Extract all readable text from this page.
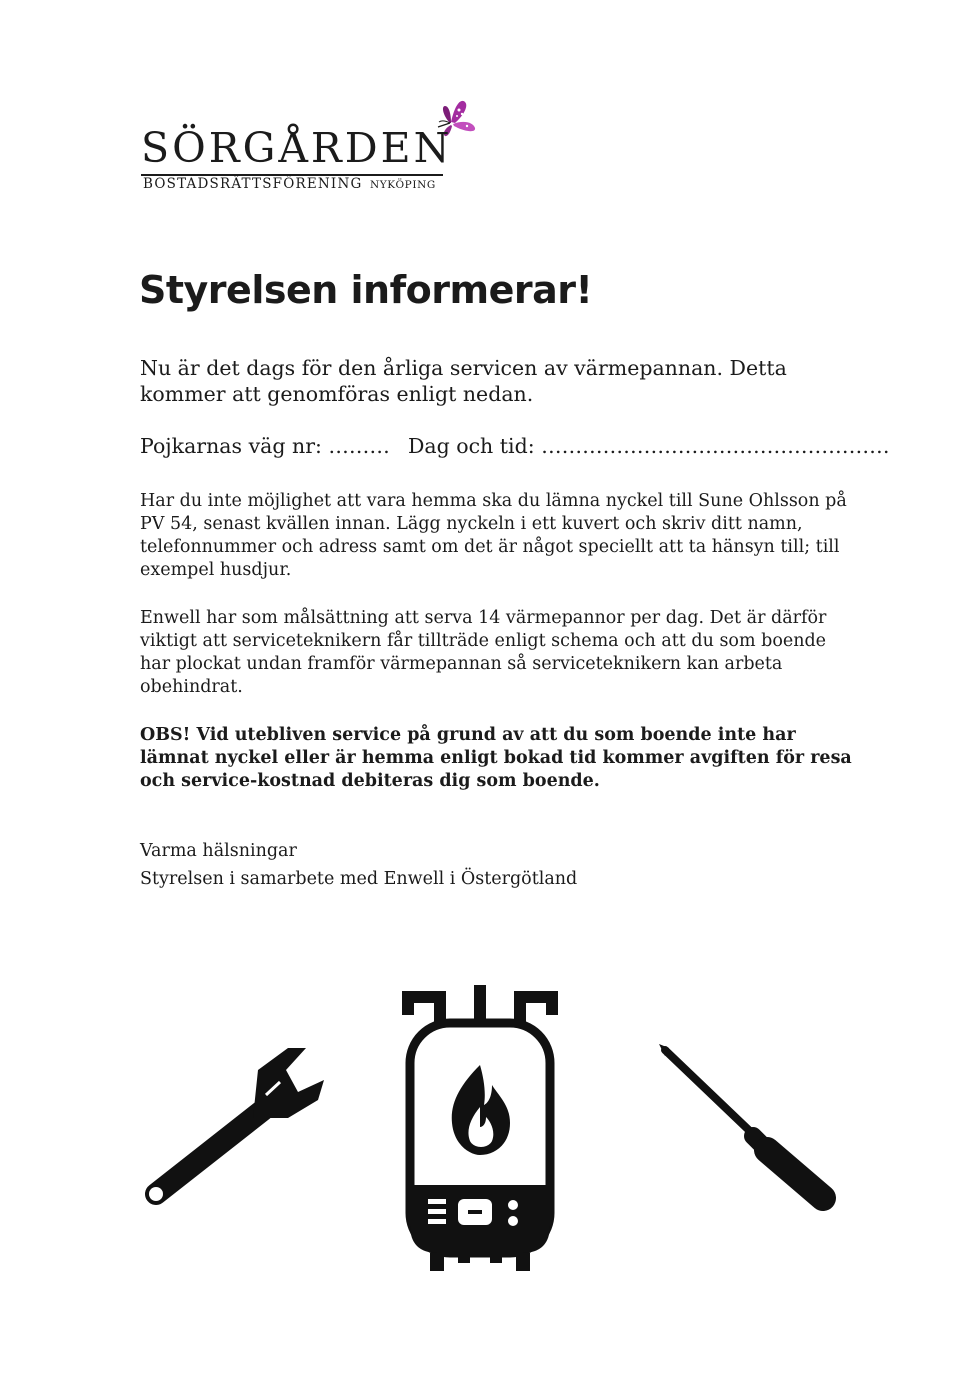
SÖRGÅRDEN
BOSTADSRÄTTSFÖRENING NYKÖPING
Styrelsen informerar!

Nu är det dags för den årliga servicen av värmepannan. Detta kommer att genomföras enligt nedan.

Pojkarnas väg nr: ……… Dag och tid: ……………………………………………

Har du inte möjlighet att vara hemma ska du lämna nyckel till Sune Ohlsson på PV 54, senast kvällen innan. Lägg nyckeln i ett kuvert och skriv ditt namn, telefonnummer och adress samt om det är något speciellt att ta hänsyn till; till exempel husdjur.

Enwell har som målsättning att serva 14 värmepannor per dag. Det är därför viktigt att serviceteknikern får tillträde enligt schema och att du som boende har plockat undan framför värmepannan så serviceteknikern kan arbeta obehindrat.

OBS! Vid utebliven service på grund av att du som boende inte har lämnat nyckel eller är hemma enligt bokad tid kommer avgiften för resa och service-kostnad debiteras dig som boende.

Varma hälsningar

Styrelsen i samarbete med Enwell i Östergötland
